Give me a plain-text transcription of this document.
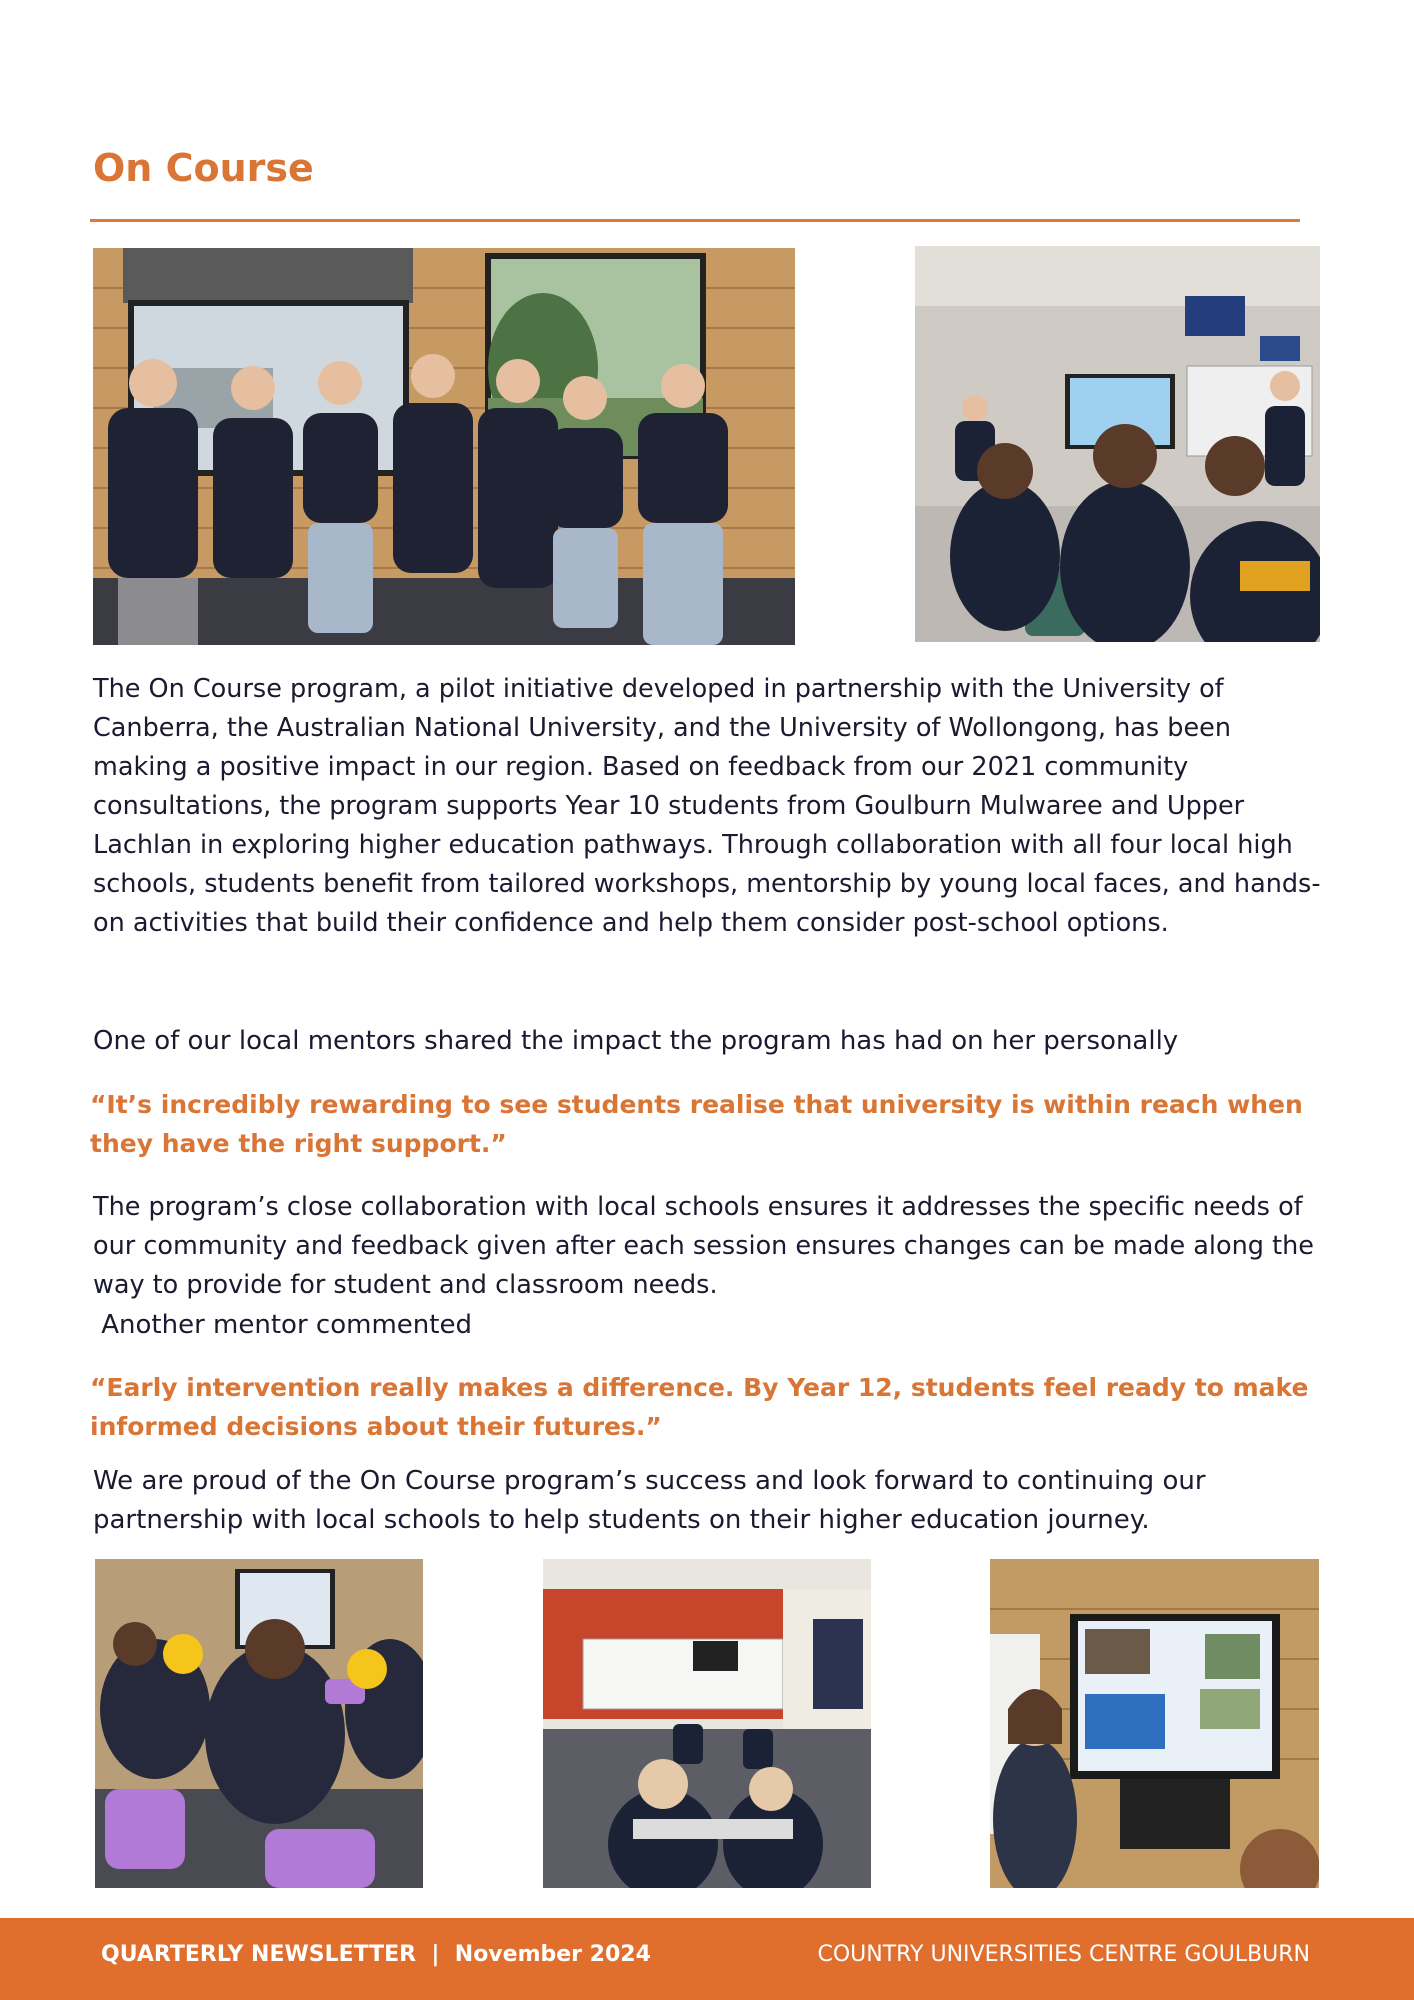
On Course

The On Course program, a pilot initiative developed in partnership with the University of Canberra, the Australian National University, and the University of Wollongong, has been making a positive impact in our region. Based on feedback from our 2021 community consultations, the program supports Year 10 students from Goulburn Mulwaree and Upper Lachlan in exploring higher education pathways. Through collaboration with all four local high schools, students benefit from tailored workshops, mentorship by young local faces, and hands-on activities that build their confidence and help them consider post-school options.

One of our local mentors shared the impact the program has had on her personally

“It’s incredibly rewarding to see students realise that university is within reach when they have the right support.”

The program’s close collaboration with local schools ensures it addresses the specific needs of our community and feedback given after each session ensures changes can be made along the way to provide for student and classroom needs.

Another mentor commented

“Early intervention really makes a difference. By Year 12, students feel ready to make informed decisions about their futures.”

We are proud of the On Course program’s success and look forward to continuing our partnership with local schools to help students on their higher education journey.

QUARTERLY NEWSLETTER  |  November 2024	COUNTRY UNIVERSITIES CENTRE GOULBURN
